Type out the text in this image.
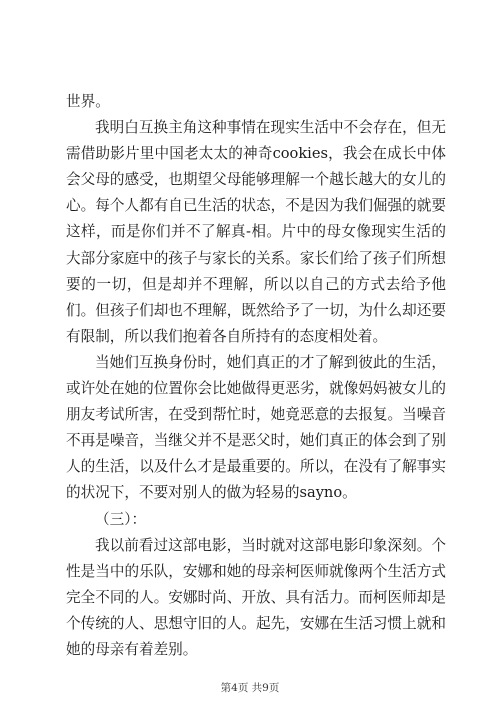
世界。

我明白互换主角这种事情在现实生活中不会存在，但无需借助影片里中国老太太的神奇cookies，我会在成长中体会父母的感受，也期望父母能够理解一个越长越大的女儿的心。每个人都有自已生活的状态，不是因为我们倔强的就要这样，而是你们并不了解真-相。片中的母女像现实生活的大部分家庭中的孩子与家长的关系。家长们给了孩子们所想要的一切，但是却并不理解，所以以自己的方式去给予他们。但孩子们却也不理解，既然给予了一切，为什么却还要有限制，所以我们抱着各自所持有的态度相处着。

当她们互换身份时，她们真正的才了解到彼此的生活，或许处在她的位置你会比她做得更恶劣，就像妈妈被女儿的朋友考试所害，在受到帮忙时，她竟恶意的去报复。当噪音不再是噪音，当继父并不是恶父时，她们真正的体会到了别人的生活，以及什么才是最重要的。所以，在没有了解事实的状况下，不要对别人的做为轻易的sayno。

（三）：

我以前看过这部电影，当时就对这部电影印象深刻。个性是当中的乐队，安娜和她的母亲柯医师就像两个生活方式完全不同的人。安娜时尚、开放、具有活力。而柯医师却是个传统的人、思想守旧的人。起先，安娜在生活习惯上就和她的母亲有着差别。

第4页 共9页
